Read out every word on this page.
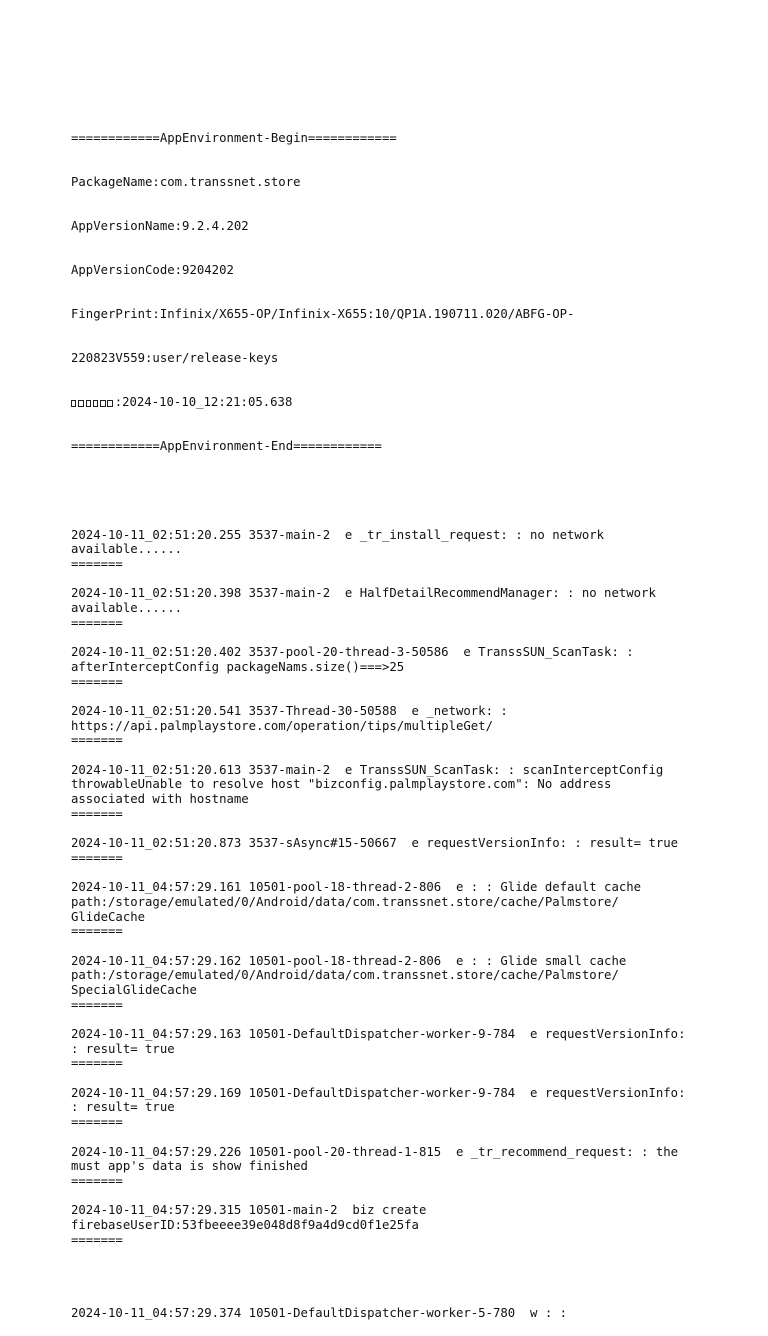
============AppEnvironment-Begin============

PackageName:com.transsnet.store

AppVersionName:9.2.4.202

AppVersionCode:9204202

FingerPrint:Infinix/X655-OP/Infinix-X655:10/QP1A.190711.020/ABFG-OP-

220823V559:user/release-keys

:2024-10-10_12:21:05.638

============AppEnvironment-End============

2024-10-11_02:51:20.255 3537-main-2  e _tr_install_request: : no network
available......
=======
2024-10-11_02:51:20.398 3537-main-2  e HalfDetailRecommendManager: : no network
available......
=======
2024-10-11_02:51:20.402 3537-pool-20-thread-3-50586  e TranssSUN_ScanTask: :
afterInterceptConfig packageNams.size()===>25
=======
2024-10-11_02:51:20.541 3537-Thread-30-50588  e _network: :
https://api.palmplaystore.com/operation/tips/multipleGet/
=======
2024-10-11_02:51:20.613 3537-main-2  e TranssSUN_ScanTask: : scanInterceptConfig
throwableUnable to resolve host "bizconfig.palmplaystore.com": No address
associated with hostname
=======
2024-10-11_02:51:20.873 3537-sAsync#15-50667  e requestVersionInfo: : result= true
=======
2024-10-11_04:57:29.161 10501-pool-18-thread-2-806  e : : Glide default cache
path:/storage/emulated/0/Android/data/com.transsnet.store/cache/Palmstore/
GlideCache
=======
2024-10-11_04:57:29.162 10501-pool-18-thread-2-806  e : : Glide small cache
path:/storage/emulated/0/Android/data/com.transsnet.store/cache/Palmstore/
SpecialGlideCache
=======
2024-10-11_04:57:29.163 10501-DefaultDispatcher-worker-9-784  e requestVersionInfo:
: result= true
=======
2024-10-11_04:57:29.169 10501-DefaultDispatcher-worker-9-784  e requestVersionInfo:
: result= true
=======
2024-10-11_04:57:29.226 10501-pool-20-thread-1-815  e _tr_recommend_request: : the
must app's data is show finished
=======
2024-10-11_04:57:29.315 10501-main-2  biz create
firebaseUserID:53fbeeee39e048d8f9a4d9cd0f1e25fa
=======

2024-10-11_04:57:29.374 10501-DefaultDispatcher-worker-5-780  w : :
